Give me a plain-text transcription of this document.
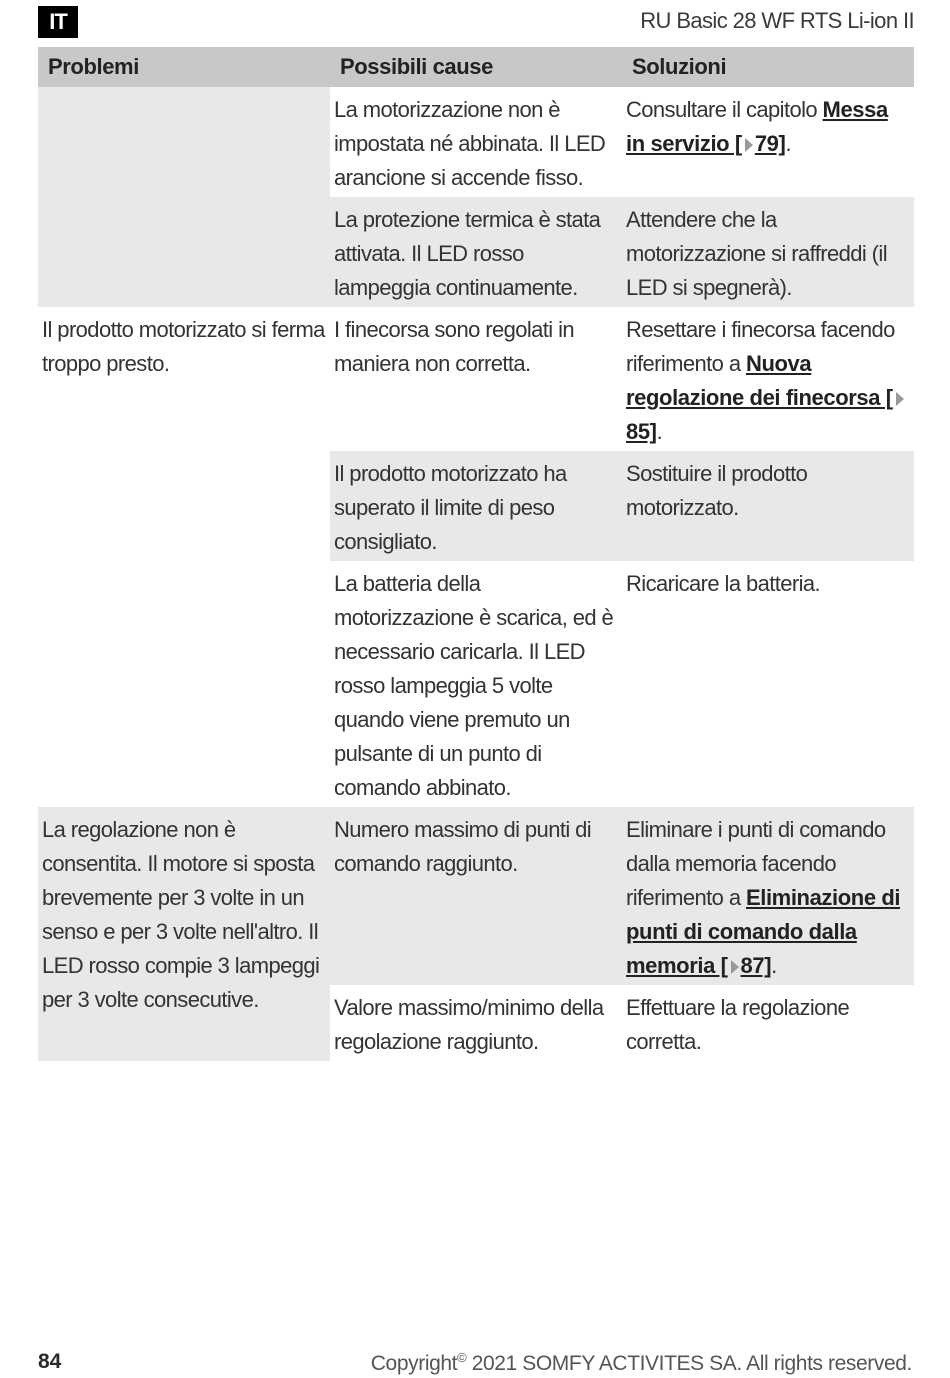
IT	RU Basic 28 WF RTS Li-ion II
Problemi	Possibili cause	Soluzioni
	La motorizzazione non è impostata né abbinata. Il LED arancione si accende fisso.	Consultare il capitolo Messa in servizio [ 79].
	La protezione termica è stata attivata. Il LED rosso lampeggia continuamente.	Attendere che la motorizzazione si raffreddi (il LED si spegnerà).
Il prodotto motorizzato si ferma troppo presto.	I finecorsa sono regolati in maniera non corretta.	Resettare i finecorsa facendo riferimento a Nuova regolazione dei finecorsa [85].
	Il prodotto motorizzato ha superato il limite di peso consigliato.	Sostituire il prodotto motorizzato.
	La batteria della motorizzazione è scarica, ed è necessario caricarla. Il LED rosso lampeggia 5 volte quando viene premuto un pulsante di un punto di comando abbinato.	Ricaricare la batteria.
La regolazione non è consentita. Il motore si sposta brevemente per 3 volte in un senso e per 3 volte nell'altro. Il LED rosso compie 3 lampeggi per 3 volte consecutive.	Numero massimo di punti di comando raggiunto.	Eliminare i punti di comando dalla memoria facendo riferimento a Eliminazione di punti di comando dalla memoria [ 87].
	Valore massimo/minimo della regolazione raggiunto.	Effettuare la regolazione corretta.
84	Copyright© 2021 SOMFY ACTIVITES SA. All rights reserved.
